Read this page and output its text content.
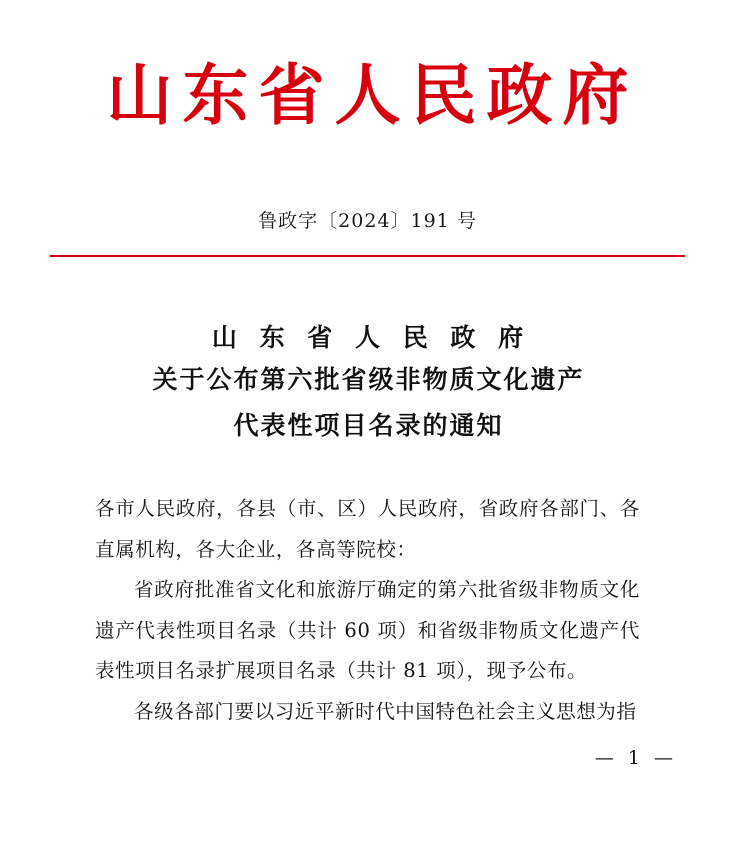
山东省人民政府
鲁政字〔2024〕191 号
山 东 省 人 民 政 府
关于公布第六批省级非物质文化遗产
代表性项目名录的通知

各市人民政府，各县（市、区）人民政府，省政府各部门、各直属机构，各大企业，各高等院校：

省政府批准省文化和旅游厅确定的第六批省级非物质文化遗产代表性项目名录（共计 60 项）和省级非物质文化遗产代表性项目名录扩展项目名录（共计 81 项），现予公布。

各级各部门要以习近平新时代中国特色社会主义思想为指

— 1 —
